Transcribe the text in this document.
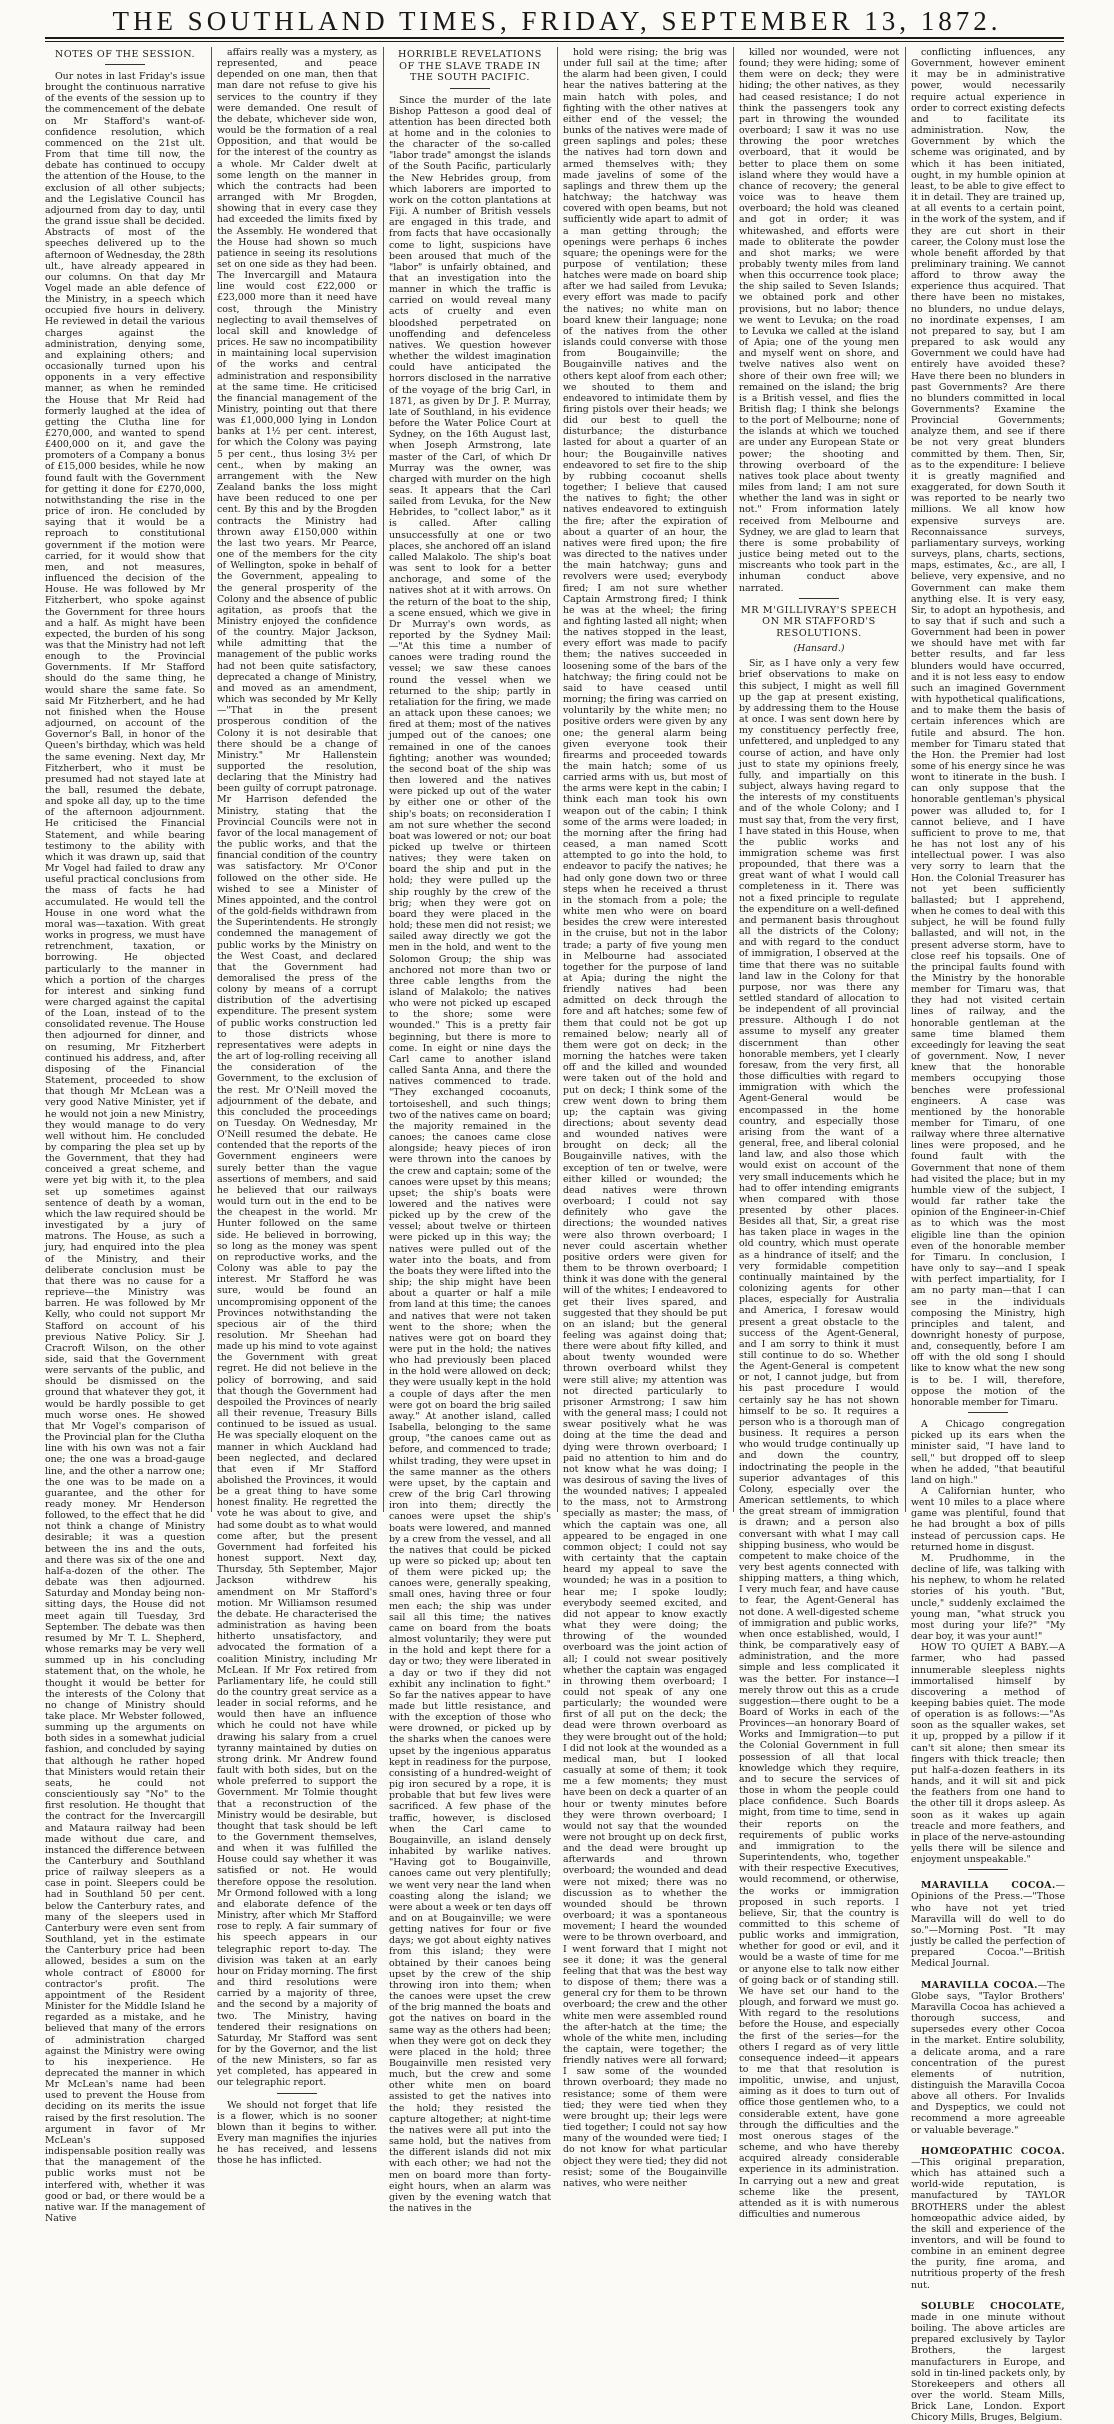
THE SOUTHLAND TIMES, FRIDAY, SEPTEMBER 13, 1872.
NOTES OF THE SESSION.

Our notes in last Friday's issue brought the continuous narrative of the events of the session up to the commencement of the debate on Mr Stafford's want-of-confidence resolution, which commenced on the 21st ult. From that time till now, the debate has continued to occupy the attention of the House, to the exclusion of all other subjects; and the Legislative Council has adjourned from day to day, until the grand issue shall be decided. Abstracts of most of the speeches delivered up to the afternoon of Wednesday, the 28th ult., have already appeared in our columns. On that day Mr Vogel made an able defence of the Ministry, in a speech which occupied five hours in delivery. He reviewed in detail the various charges against the administration, denying some, and explaining others; and occasionally turned upon his opponents in a very effective manner, as when he reminded the House that Mr Reid had formerly laughed at the idea of getting the Clutha line for £270,000, and wanted to spend £400,000 on it, and gave the promoters of a Company a bonus of £15,000 besides, while he now found fault with the Government for getting it done for £270,000, notwithstanding the rise in the price of iron. He concluded by saying that it would be a reproach to constitutional government if the motion were carried, for it would show that men, and not measures, influenced the decision of the House. He was followed by Mr Fitzherbert, who spoke against the Government for three hours and a half. As might have been expected, the burden of his song was that the Ministry had not left enough to the Provincial Governments. If Mr Stafford should do the same thing, he would share the same fate. So said Mr Fitzherbert, and he had not finished when the House adjourned, on account of the Governor's Ball, in honor of the Queen's birthday, which was held the same evening. Next day, Mr Fitzherbert, who it must be presumed had not stayed late at the ball, resumed the debate, and spoke all day, up to the time of the afternoon adjournment. He criticised the Financial Statement, and while bearing testimony to the ability with which it was drawn up, said that Mr Vogel had failed to draw any useful practical conclusions from the mass of facts he had accumulated. He would tell the House in one word what the moral was—taxation. With great works in progress, we must have retrenchment, taxation, or borrowing. He objected particularly to the manner in which a portion of the charges for interest and sinking fund were charged against the capital of the Loan, instead of to the consolidated revenue. The House then adjourned for dinner, and on resuming, Mr Fitzherbert continued his address, and, after disposing of the Financial Statement, proceeded to show that though Mr McLean was a very good Native Minister, yet if he would not join a new Ministry, they would manage to do very well without him. He concluded by comparing the plea set up by the Government, that they had conceived a great scheme, and were yet big with it, to the plea set up sometimes against sentence of death by a woman, which the law required should be investigated by a jury of matrons. The House, as such a jury, had enquired into the plea of the Ministry, and their deliberate conclusion must be that there was no cause for a reprieve—the Ministry was barren. He was followed by Mr Kelly, who could not support Mr Stafford on account of his previous Native Policy. Sir J. Cracroft Wilson, on the other side, said that the Government were servants of the public, and should be dismissed on the ground that whatever they got, it would be hardly possible to get much worse ones. He showed that Mr Vogel's comparison of the Provincial plan for the Clutha line with his own was not a fair one; the one was a broad-gauge line, and the other a narrow one; the one was to be made on a guarantee, and the other for ready money. Mr Henderson followed, to the effect that he did not think a change of Ministry desirable; it was a question between the ins and the outs, and there was six of the one and half-a-dozen of the other. The debate was then adjourned. Saturday and Monday being non-sitting days, the House did not meet again till Tuesday, 3rd September. The debate was then resumed by Mr T. L. Shepherd, whose remarks may be very well summed up in his concluding statement that, on the whole, he thought it would be better for the interests of the Colony that no change of Ministry should take place. Mr Webster followed, summing up the arguments on both sides in a somewhat judicial fashion, and concluded by saying that although he rather hoped that Ministers would retain their seats, he could not conscientiously say "No" to the first resolution. He thought that the contract for the Invercargill and Mataura railway had been made without due care, and instanced the difference between the Canterbury and Southland price of railway sleepers as a case in point. Sleepers could be had in Southland 50 per cent. below the Canterbury rates, and many of the sleepers used in Canterbury were even sent from Southland, yet in the estimate the Canterbury price had been allowed, besides a sum on the whole contract of £8000 for contractor's profit. The appointment of the Resident Minister for the Middle Island he regarded as a mistake, and he believed that many of the errors of administration charged against the Ministry were owing to his inexperience. He deprecated the manner in which Mr McLean's name had been used to prevent the House from deciding on its merits the issue raised by the first resolution. The argument in favor of Mr McLean's supposed indispensable position really was that the management of the public works must not be interfered with, whether it was good or bad, or there would be a native war. If the management of Native

affairs really was a mystery, as represented, and peace depended on one man, then that man dare not refuse to give his services to the country if they were demanded. One result of the debate, whichever side won, would be the formation of a real Opposition, and that would be for the interest of the country as a whole. Mr Calder dwelt at some length on the manner in which the contracts had been arranged with Mr Brogden, showing that in every case they had exceeded the limits fixed by the Assembly. He wondered that the House had shown so much patience in seeing its resolutions set on one side as they had been. The Invercargill and Mataura line would cost £22,000 or £23,000 more than it need have cost, through the Ministry neglecting to avail themselves of local skill and knowledge of prices. He saw no incompatibility in maintaining local supervision of the works and central administration and responsibility at the same time. He criticised the financial management of the Ministry, pointing out that there was £1,000,000 lying in London banks at 1½ per cent. interest, for which the Colony was paying 5 per cent., thus losing 3½ per cent., when by making an arrangement with the New Zealand banks the loss might have been reduced to one per cent. By this and by the Brogden contracts the Ministry had thrown away £150,000 within the last two years. Mr Pearce, one of the members for the city of Wellington, spoke in behalf of the Government, appealing to the general prosperity of the Colony and the absence of public agitation, as proofs that the Ministry enjoyed the confidence of the country. Major Jackson, while admitting that the management of the public works had not been quite satisfactory, deprecated a change of Ministry, and moved as an amendment, which was seconded by Mr Kelly—"That in the present prosperous condition of the Colony it is not desirable that there should be a change of Ministry." Mr Hallenstein supported the resolution, declaring that the Ministry had been guilty of corrupt patronage. Mr Harrison defended the Ministry, stating that the Provincial Councils were not in favor of the local management of the public works, and that the financial condition of the country was satisfactory. Mr O'Conor followed on the other side. He wished to see a Minister of Mines appointed, and the control of the gold-fields withdrawn from the Superintendents. He strongly condemned the management of public works by the Ministry on the West Coast, and declared that the Government had demoralised the press of the colony by means of a corrupt distribution of the advertising expenditure. The present system of public works construction led to those districts whose representatives were adepts in the art of log-rolling receiving all the consideration of the Government, to the exclusion of the rest. Mr O'Neill moved the adjournment of the debate, and this concluded the proceedings on Tuesday. On Wednesday, Mr O'Neill resumed the debate. He contended that the reports of the Government engineers were surely better than the vague assertions of members, and said he believed that our railways would turn out in the end to be the cheapest in the world. Mr Hunter followed on the same side. He believed in borrowing, so long as the money was spent on reproductive works, and the Colony was able to pay the interest. Mr Stafford he was sure, would be found an uncompromising opponent of the Provinces notwithstanding the specious air of the third resolution. Mr Sheehan had made up his mind to vote against the Government with great regret. He did not believe in the policy of borrowing, and said that though the Government had despoiled the Provinces of nearly all their revenue, Treasury Bills continued to be issued as usual. He was specially eloquent on the manner in which Auckland had been neglected, and declared that even if Mr Stafford abolished the Provinces, it would be a great thing to have some honest finality. He regretted the vote he was about to give, and had some doubt as to what would come after, but the present Government had forfeited his honest support. Next day, Thursday, 5th September, Major Jackson withdrew his amendment on Mr Stafford's motion. Mr Williamson resumed the debate. He characterised the administration as having been hitherto unsatisfactory, and advocated the formation of a coalition Ministry, including Mr McLean. If Mr Fox retired from Parliamentary life, he could still do the country great service as a leader in social reforms, and he would then have an influence which he could not have while drawing his salary from a cruel tyranny maintained by duties on strong drink. Mr Andrew found fault with both sides, but on the whole preferred to support the Government. Mr Tolmie thought that a reconstruction of the Ministry would be desirable, but thought that task should be left to the Government themselves, and when it was fulfilled the House could say whether it was satisfied or not. He would therefore oppose the resolution. Mr Ormond followed with a long and elaborate defence of the Ministry, after which Mr Stafford rose to reply. A fair summary of his speech appears in our telegraphic report to-day. The division was taken at an early hour on Friday morning. The first and third resolutions were carried by a majority of three, and the second by a majority of two. The Ministry, having tendered their resignations on Saturday, Mr Stafford was sent for by the Governor, and the list of the new Ministers, so far as yet completed, has appeared in our telegraphic report.

We should not forget that life is a flower, which is no sooner blown than it begins to wither. Every man magnifies the injuries he has received, and lessens those he has inflicted.

HORRIBLE REVELATIONS OF THE SLAVE TRADE IN THE SOUTH PACIFIC.

Since the murder of the late Bishop Patteson a good deal of attention has been directed both at home and in the colonies to the character of the so-called "labor trade" amongst the islands of the South Pacific, particularly the New Hebrides group, from which laborers are imported to work on the cotton plantations at Fiji. A number of British vessels are engaged in this trade, and from facts that have occasionally come to light, suspicions have been aroused that much of the "labor" is unfairly obtained, and that an investigation into the manner in which the traffic is carried on would reveal many acts of cruelty and even bloodshed perpetrated on unoffending and defenceless natives. We question however whether the wildest imagination could have anticipated the horrors disclosed in the narrative of the voyage of the brig Carl, in 1871, as given by Dr J. P. Murray, late of Southland, in his evidence before the Water Police Court at Sydney, on the 16th August last, when Joseph Armstrong, late master of the Carl, of which Dr Murray was the owner, was charged with murder on the high seas. It appears that the Carl sailed from Levuka, for the New Hebrides, to "collect labor," as it is called. After calling unsuccessfully at one or two places, she anchored off an island called Malakolo. The ship's boat was sent to look for a better anchorage, and some of the natives shot at it with arrows. On the return of the boat to the ship, a scene ensued, which we give in Dr Murray's own words, as reported by the Sydney Mail:—"At this time a number of canoes were trading round the vessel; we saw these canoes round the vessel when we returned to the ship; partly in retaliation for the firing, we made an attack upon these canoes; we fired at them; most of the natives jumped out of the canoes; one remained in one of the canoes fighting; another was wounded; the second boat of the ship was then lowered and the natives were picked up out of the water by either one or other of the ship's boats; on reconsideration I am not sure whether the second boat was lowered or not; our boat picked up twelve or thirteen natives; they were taken on board the ship and put in the hold; they were pulled up the ship roughly by the crew of the brig; when they were got on board they were placed in the hold; these men did not resist; we sailed away directly we got the men in the hold, and went to the Solomon Group; the ship was anchored not more than two or three cable lengths from the island of Malakolo; the natives who were not picked up escaped to the shore; some were wounded." This is a pretty fair beginning, but there is more to come. In eight or nine days the Carl came to another island called Santa Anna, and there the natives commenced to trade. "They exchanged cocoanuts, tortoiseshell, and such things; two of the natives came on board; the majority remained in the canoes; the canoes came close alongside; heavy pieces of iron were thrown into the canoes by the crew and captain; some of the canoes were upset by this means; upset; the ship's boats were lowered and the natives were picked up by the crew of the vessel; about twelve or thirteen were picked up in this way; the natives were pulled out of the water into the boats, and from the boats they were lifted into the ship; the ship might have been about a quarter or half a mile from land at this time; the canoes and natives that were not taken went to the shore; when the natives were got on board they were put in the hold; the natives who had previously been placed in the hold were allowed on deck; they were usually kept in the hold a couple of days after the men were got on board the brig sailed away." At another island, called Isabella, belonging to the same group, "the canoes came out as before, and commenced to trade; whilst trading, they were upset in the same manner as the others were upset, by the captain and crew of the brig Carl throwing iron into them; directly the canoes were upset the ship's boats were lowered, and manned by a crew from the vessel, and all the natives that could be picked up were so picked up; about ten of them were picked up; the canoes were, generally speaking, small ones, having three or four men each; the ship was under sail all this time; the natives came on board from the boats almost voluntarily; they were put in the hold and kept there for a day or two; they were liberated in a day or two if they did not exhibit any inclination to fight." So far the natives appear to have made but little resistance, and with the exception of those who were drowned, or picked up by the sharks when the canoes were upset by the ingenious apparatus kept in readiness for the purpose, consisting of a hundred-weight of pig iron secured by a rope, it is probable that but few lives were sacrificed. A few phase of the traffic, however, is disclosed when the Carl came to Bougainville, an island densely inhabited by warlike natives. "Having got to Bougainville, canoes came out very plentifully; we went very near the land when coasting along the island; we were about a week or ten days off and on at Bougainville; we were getting natives for four or five days; we got about eighty natives from this island; they were obtained by their canoes being upset by the crew of the ship throwing iron into them; when the canoes were upset the crew of the brig manned the boats and got the natives on board in the same way as the others had been; when they were got on deck they were placed in the hold; three Bougainville men resisted very much, but the crew and some other white men on board assisted to get the natives into the hold; they resisted the capture altogether; at night-time the natives were all put into the same hold, but the natives from the different islands did not mix with each other; we had not the men on board more than forty-eight hours, when an alarm was given by the evening watch that the natives in the

hold were rising; the brig was under full sail at the time; after the alarm had been given, I could hear the natives battering at the main hatch with poles, and fighting with the other natives at either end of the vessel; the bunks of the natives were made of green saplings and poles; these the natives had torn down and armed themselves with; they made javelins of some of the saplings and threw them up the hatchway; the hatchway was covered with open beams, but not sufficiently wide apart to admit of a man getting through; the openings were perhaps 6 inches square; the openings were for the purpose of ventilation; these hatches were made on board ship after we had sailed from Levuka; every effort was made to pacify the natives; no white man on board knew their language; none of the natives from the other islands could converse with those from Bougainville; the Bougainville natives and the others kept aloof from each other; we shouted to them and endeavored to intimidate them by firing pistols over their heads; we did our best to quell the disturbance; the disturbance lasted for about a quarter of an hour; the Bougainville natives endeavored to set fire to the ship by rubbing cocoanut shells together; I believe that caused the natives to fight; the other natives endeavored to extinguish the fire; after the expiration of about a quarter of an hour, the natives were fired upon; the fire was directed to the natives under the main hatchway; guns and revolvers were used; everybody fired; I am not sure whether Captain Armstrong fired; I think he was at the wheel; the firing and fighting lasted all night; when the natives stopped in the least, every effort was made to pacify them; the natives succeeded in loosening some of the bars of the hatchway; the firing could not be said to have ceased until morning; the firing was carried on voluntarily by the white men; no positive orders were given by any one; the general alarm being given everyone took their firearms and proceeded towards the main hatch; some of us carried arms with us, but most of the arms were kept in the cabin; I think each man took his own weapon out of the cabin; I think some of the arms were loaded; in the morning after the firing had ceased, a man named Scott attempted to go into the hold, to endeavor to pacify the natives; he had only gone down two or three steps when he received a thrust in the stomach from a pole; the white men who were on board besides the crew were interested in the cruise, but not in the labor trade; a party of five young men in Melbourne had associated together for the purpose of land at Apia; during the night the friendly natives had been admitted on deck through the fore and aft hatches; some few of them that could not be got up remained below; nearly all of them were got on deck; in the morning the hatches were taken off and the killed and wounded were taken out of the hold and put on deck; I think some of the crew went down to bring them up; the captain was giving directions; about seventy dead and wounded natives were brought on deck; all the Bougainville natives, with the exception of ten or twelve, were either killed or wounded; the dead natives were thrown overboard; I could not say definitely who gave the directions; the wounded natives were also thrown overboard; I never could ascertain whether positive orders were given for them to be thrown overboard; I think it was done with the general will of the whites; I endeavored to get their lives spared, and suggested that they should be put on an island; but the general feeling was against doing that; there were about fifty killed, and about twenty wounded were thrown overboard whilst they were still alive; my attention was not directed particularly to prisoner Armstrong; I saw him with the general mass; I could not swear positively what he was doing at the time the dead and dying were thrown overboard; I paid no attention to him and do not know what he was doing; I was desirous of saving the lives of the wounded natives; I appealed to the mass, not to Armstrong specially as master; the mass, of which the captain was one, all appeared to be engaged in one common object; I could not say with certainty that the captain heard my appeal to save the wounded; he was in a position to hear me; I spoke loudly; everybody seemed excited, and did not appear to know exactly what they were doing; the throwing of the wounded overboard was the joint action of all; I could not swear positively whether the captain was engaged in throwing them overboard; I could not speak of any one particularly; the wounded were first of all put on the deck; the dead were thrown overboard as they were brought out of the hold; I did not look at the wounded as a medical man, but I looked casually at some of them; it took me a few moments; they must have been on deck a quarter of an hour or twenty minutes before they were thrown overboard; I would not say that the wounded were not brought up on deck first, and the dead were brought up afterwards and thrown overboard; the wounded and dead were not mixed; there was no discussion as to whether the wounded should be thrown overboard; it was a spontaneous movement; I heard the wounded were to be thrown overboard, and I went forward that I might not see it done; it was the general feeling that that was the best way to dispose of them; there was a general cry for them to be thrown overboard; the crew and the other white men were assembled round the after-hatch at the time; the whole of the white men, including the captain, were together; the friendly natives were all forward; I saw some of the wounded thrown overboard; they made no resistance; some of them were tied; they were tied when they were brought up; their legs were tied together; I could not say how many of the wounded were tied; I do not know for what particular object they were tied; they did not resist; some of the Bougainville natives, who were neither

killed nor wounded, were not found; they were hiding; some of them were on deck; they were hiding; the other natives, as they had ceased resistance; I do not think the passengers took any part in throwing the wounded overboard; I saw it was no use throwing the poor wretches overboard, that it would be better to place them on some island where they would have a chance of recovery; the general voice was to heave them overboard; the hold was cleaned and got in order; it was whitewashed, and efforts were made to obliterate the powder and shot marks; we were probably twenty miles from land when this occurrence took place; the ship sailed to Seven Islands; we obtained pork and other provisions, but no labor; thence we went to Levuka; on the road to Levuka we called at the island of Apia; one of the young men and myself went on shore, and twelve natives also went on shore of their own free will; we remained on the island; the brig is a British vessel, and flies the British flag; I think she belongs to the port of Melbourne; none of the islands at which we touched are under any European State or power; the shooting and throwing overboard of the natives took place about twenty miles from land; I am not sure whether the land was in sight or not." From information lately received from Melbourne and Sydney, we are glad to learn that there is some probability of justice being meted out to the miscreants who took part in the inhuman conduct above narrated.

MR M'GILLIVRAY'S SPEECH ON MR STAFFORD'S RESOLUTIONS.
(Hansard.)

Sir, as I have only a very few brief observations to make on this subject, I might as well fill up the gap at present existing, by addressing them to the House at once. I was sent down here by my constituency perfectly free, unfettered, and unpledged to any course of action, and have only just to state my opinions freely, fully, and impartially on this subject, always having regard to the interests of my constituents and of the whole Colony; and I must say that, from the very first, I have stated in this House, when the public works and immigration scheme was first propounded, that there was a great want of what I would call completeness in it. There was not a fixed principle to regulate the expenditure on a well-defined and permanent basis throughout all the districts of the Colony; and with regard to the conduct of immigration, I observed at the time that there was no suitable land law in the Colony for that purpose, nor was there any settled standard of allocation to be independent of all provincial pressure. Although I do not assume to myself any greater discernment than other honorable members, yet I clearly foresaw, from the very first, all those difficulties with regard to immigration with which the Agent-General would be encompassed in the home country, and especially those arising from the want of a general, free, and liberal colonial land law, and also those which would exist on account of the very small inducements which he had to offer intending emigrants when compared with those presented by other places. Besides all that, Sir, a great rise has taken place in wages in the old country, which must operate as a hindrance of itself; and the very formidable competition continually maintained by the colonizing agents for other places, especially for Australia and America, I foresaw would present a great obstacle to the success of the Agent-General, and I am sorry to think it must still continue to do so. Whether the Agent-General is competent or not, I cannot judge, but from his past procedure I would certainly say he has not shown himself to be so. It requires a person who is a thorough man of business. It requires a person who would trudge continually up and down the country, indoctrinating the people in the superior advantages of this Colony, especially over the American settlements, to which the great stream of immigration is drawn; and a person also conversant with what I may call shipping business, who would be competent to make choice of the very best agents connected with shipping matters, a thing which, I very much fear, and have cause to fear, the Agent-General has not done. A well-digested scheme of immigration and public works, when once established, would, I think, be comparatively easy of administration, and the more simple and less complicated it was the better. For instance—I merely throw out this as a crude suggestion—there ought to be a Board of Works in each of the Provinces—an honorary Board of Works and Immigration—to put the Colonial Government in full possession of all that local knowledge which they require, and to secure the services of those in whom the people could place confidence. Such Boards might, from time to time, send in their reports on the requirements of public works and immigration to the Superintendents, who, together with their respective Executives, would recommend, or otherwise, the works or immigration proposed in such reports. I believe, Sir, that the country is committed to this scheme of public works and immigration, whether for good or evil, and it would be a waste of time for me or anyone else to talk now either of going back or of standing still. We have set our hand to the plough, and forward we must go. With regard to the resolutions before the House, and especially the first of the series—for the others I regard as of very little consequence indeed—it appears to me that that resolution is impolitic, unwise, and unjust, aiming as it does to turn out of office those gentlemen who, to a considerable extent, have gone through the difficulties and the most onerous stages of the scheme, and who have thereby acquired already considerable experience in its administration. In carrying out a new and great scheme like the present, attended as it is with numerous difficulties and numerous

conflicting influences, any Government, however eminent it may be in administrative power, would necessarily require actual experience in order to correct existing defects and to facilitate its administration. Now, the Government by which the scheme was originated, and by which it has been initiated, ought, in my humble opinion at least, to be able to give effect to it in detail. They are trained up, at all events to a certain point, in the work of the system, and if they are cut short in their career, the Colony must lose the whole benefit afforded by that preliminary training. We cannot afford to throw away the experience thus acquired. That there have been no mistakes, no blunders, no undue delays, no inordinate expenses, I am not prepared to say, but I am prepared to ask would any Government we could have had entirely have avoided these? Have there been no blunders in past Governments? Are there no blunders committed in local Governments? Examine the Provincial Governments; analyze them, and see if there be not very great blunders committed by them. Then, Sir, as to the expenditure: I believe it is greatly magnified and exaggerated, for down South it was reported to be nearly two millions. We all know how expensive surveys are. Reconnaissance surveys, parliamentary surveys, working surveys, plans, charts, sections, maps, estimates, &c., are all, I believe, very expensive, and no Government can make them anything else. It is very easy, Sir, to adopt an hypothesis, and to say that if such and such a Government had been in power we should have met with far better results, and far less blunders would have occurred, and it is not less easy to endow such an imagined Government with hypothetical qualifications, and to make them the basis of certain inferences which are futile and absurd. The hon. member for Timaru stated that the Hon. the Premier had lost some of his energy since he was wont to itinerate in the bush. I can only suppose that the honorable gentleman's physical power was alluded to, for I cannot believe, and I have sufficient to prove to me, that he has not lost any of his intellectual power. I was also very sorry to learn that the Hon. the Colonial Treasurer has not yet been sufficiently ballasted; but I apprehend, when he comes to deal with this subject, he will be found fully ballasted, and will not, in the present adverse storm, have to close reef his topsails. One of the principal faults found with the Ministry by the honorable member for Timaru was, that they had not visited certain lines of railway, and the honorable gentleman at the same time blamed them exceedingly for leaving the seat of government. Now, I never knew that the honorable members occupying those benches were professional engineers. A case was mentioned by the honorable member for Timaru, of one railway where three alternative lines were proposed, and he found fault with the Government that none of them had visited the place; but in my humble view of the subject, I would far rather take the opinion of the Engineer-in-Chief as to which was the most eligible line than the opinion even of the honorable member for Timaru. In conclusion, I have only to say—and I speak with perfect impartiality, for I am no party man—that I can see in the individuals composing the Ministry, high principles and talent, and downright honesty of purpose, and, consequently, before I am off with the old song I should like to know what the new song is to be. I will, therefore, oppose the motion of the honorable member for Timaru.

A Chicago congregation picked up its ears when the minister said, "I have land to sell," but dropped off to sleep when he added, "that beautiful land on high."

A Californian hunter, who went 10 miles to a place where game was plentiful, found that he had brought a box of pills instead of percussion caps. He returned home in disgust.

M. Prudhomme, in the decline of life, was talking with his nephew, to whom he related stories of his youth. "But, uncle," suddenly exclaimed the young man, "what struck you most during your life?" "My dear boy, it was your aunt!"

HOW TO QUIET A BABY.—A farmer, who had passed innumerable sleepless nights immortalised himself by discovering a method of keeping babies quiet. The mode of operation is as follows:—"As soon as the squaller wakes, set it up, propped by a pillow if it can't sit alone; then smear its fingers with thick treacle; then put half-a-dozen feathers in its hands, and it will sit and pick the feathers from one hand to the other till it drops asleep. As soon as it wakes up again treacle and more feathers, and in place of the nerve-astounding yells there will be silence and enjoyment unspeakable."

MARAVILLA COCOA.—Opinions of the Press.—"Those who have not yet tried Maravilla will do well to do so."—Morning Post. "It may justly be called the perfection of prepared Cocoa."—British Medical Journal.

MARAVILLA COCOA.—The Globe says, "Taylor Brothers' Maravilla Cocoa has achieved a thorough success, and supersedes every other Cocoa in the market. Entire solubility, a delicate aroma, and a rare concentration of the purest elements of nutrition, distinguish the Maravilla Cocoa above all others. For Invalids and Dyspeptics, we could not recommend a more agreeable or valuable beverage."

HOMŒOPATHIC COCOA.—This original preparation, which has attained such a world-wide reputation, is manufactured by TAYLOR BROTHERS under the ablest homœopathic advice aided, by the skill and experience of the inventors, and will be found to combine in an eminent degree the purity, fine aroma, and nutritious property of the fresh nut.

SOLUBLE CHOCOLATE, made in one minute without boiling. The above articles are prepared exclusively by Taylor Brothers, the largest manufacturers in Europe, and sold in tin-lined packets only, by Storekeepers and others all over the world. Steam Mills, Brick Lane, London. Export Chicory Mills, Bruges, Belgium.
